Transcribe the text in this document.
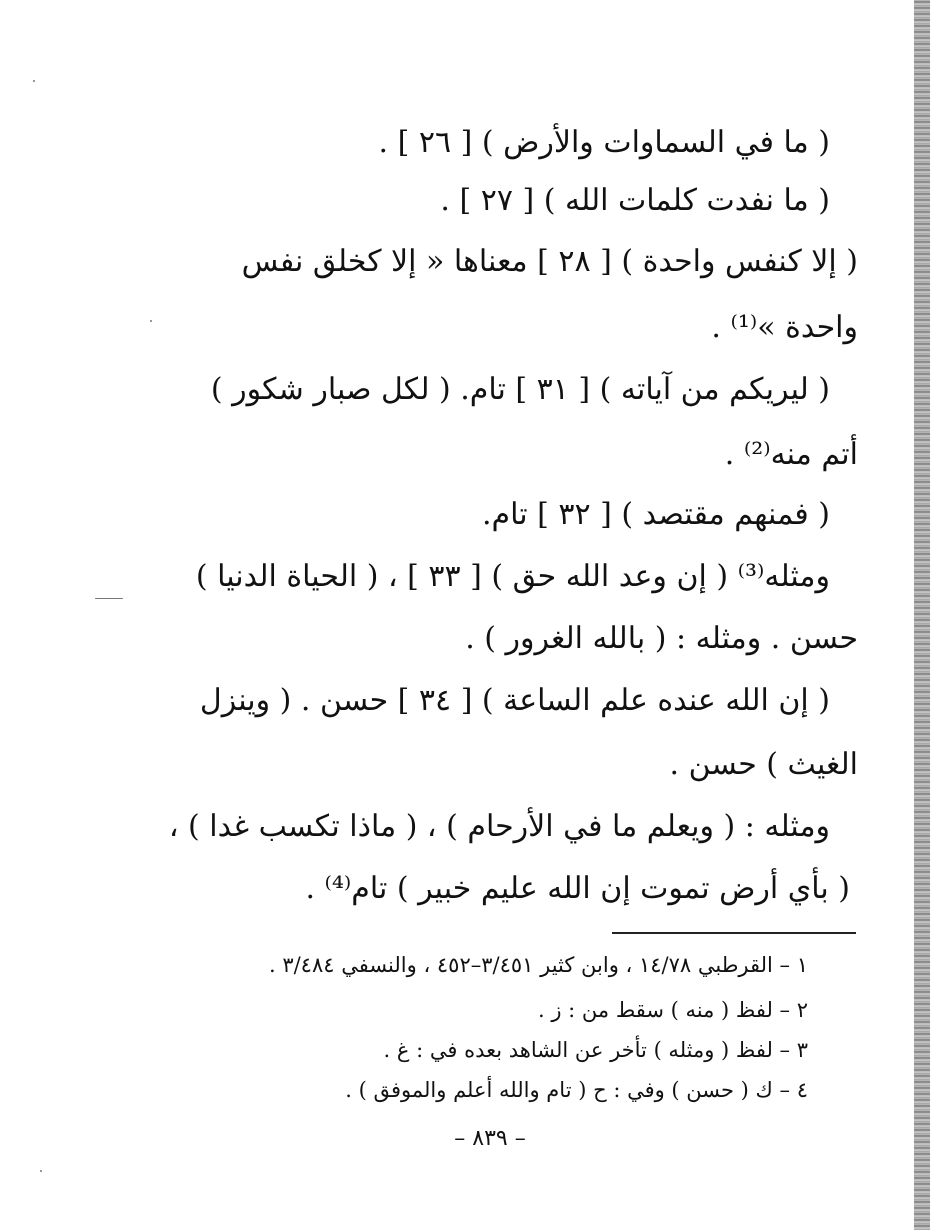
( ما في السماوات والأرض ) [ ٢٦ ] .
( ما نفدت كلمات الله ) [ ٢٧ ] .
( إلا كنفس واحدة ) [ ٢٨ ] معناها « إلا كخلق نفس
واحدة »⁽¹⁾ .
( ليريكم من آياته ) [ ٣١ ] تام. ( لكل صبار شكور )
أتم منه⁽²⁾ .
( فمنهم مقتصد ) [ ٣٢ ] تام.
ومثله⁽³⁾ ( إن وعد الله حق ) [ ٣٣ ] ، ( الحياة الدنيا )
حسن . ومثله : ( بالله الغرور ) .
( إن الله عنده علم الساعة ) [ ٣٤ ] حسن . ( وينزل
الغيث ) حسن .
ومثله : ( ويعلم ما في الأرحام ) ، ( ماذا تكسب غدا ) ،
( بأي أرض تموت إن الله عليم خبير ) تام⁽⁴⁾ .
١ – القرطبي ١٤/٧٨ ، وابن كثير ٣/٤٥١–٤٥٢ ، والنسفي ٣/٤٨٤ .
٢ – لفظ ( منه ) سقط من : ز .
٣ – لفظ ( ومثله ) تأخر عن الشاهد بعده في : غ .
٤ – ك ( حسن ) وفي : ح ( تام والله أعلم والموفق ) .
– ٨٣٩ –
